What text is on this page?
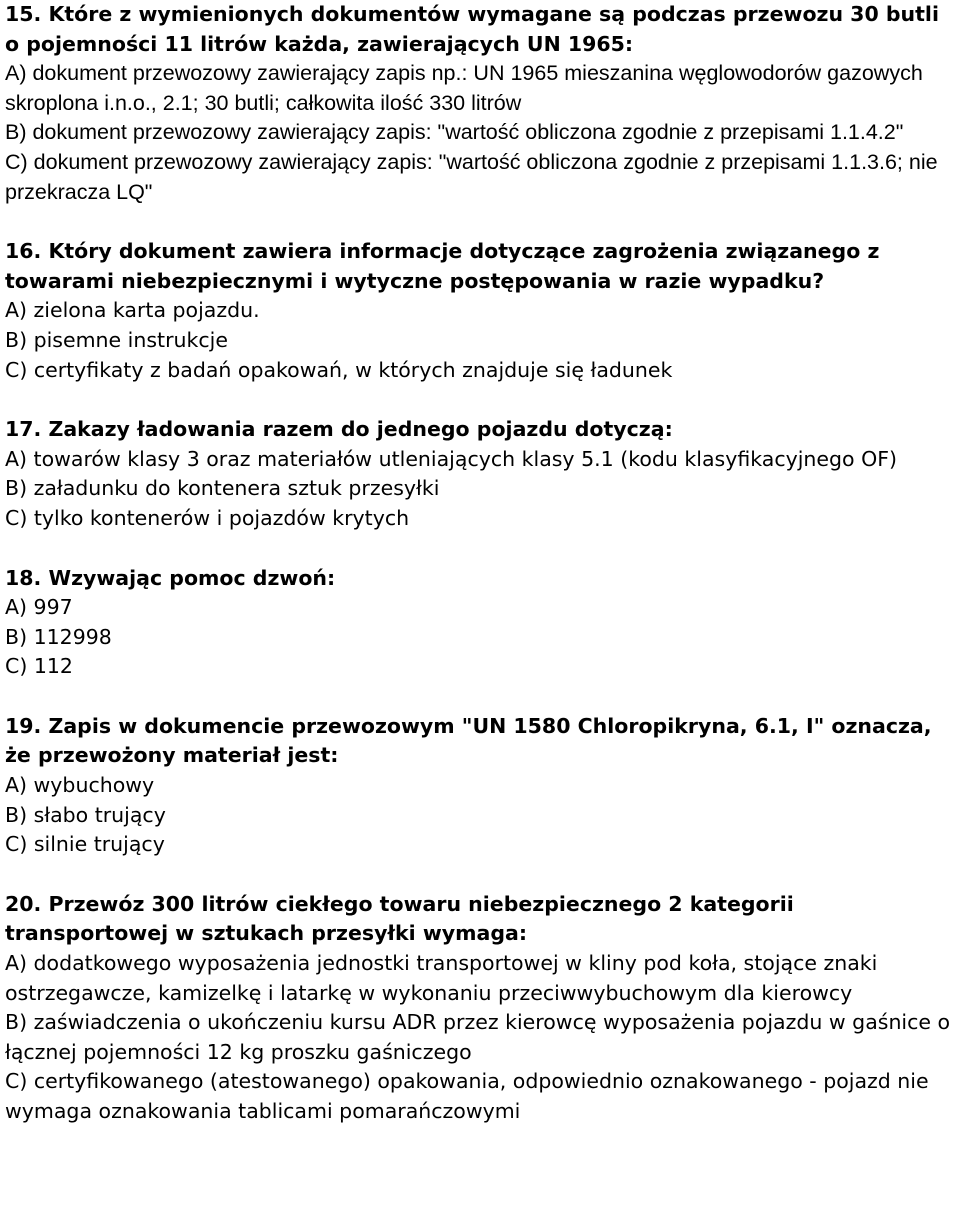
15. Które z wymienionych dokumentów wymagane są podczas przewozu 30 butli o pojemności 11 litrów każda, zawierających UN 1965:
A) dokument przewozowy zawierający zapis np.: UN 1965 mieszanina węglowodorów gazowych skroplona i.n.o., 2.1; 30 butli; całkowita ilość 330 litrów
B) dokument przewozowy zawierający zapis: "wartość obliczona zgodnie z przepisami 1.1.4.2"
C) dokument przewozowy zawierający zapis: "wartość obliczona zgodnie z przepisami 1.1.3.6; nie przekracza LQ"
16. Który dokument zawiera informacje dotyczące zagrożenia związanego z towarami niebezpiecznymi i wytyczne postępowania w razie wypadku?
A) zielona karta pojazdu.
B) pisemne instrukcje
C) certyfikaty z badań opakowań, w których znajduje się ładunek
17. Zakazy ładowania razem do jednego pojazdu dotyczą:
A) towarów klasy 3 oraz materiałów utleniających klasy 5.1 (kodu klasyfikacyjnego OF)
B) załadunku do kontenera sztuk przesyłki
C) tylko kontenerów i pojazdów krytych
18. Wzywając pomoc dzwoń:
A) 997
B) 112998
C) 112
19. Zapis w dokumencie przewozowym "UN 1580 Chloropikryna, 6.1, I" oznacza, że przewożony materiał jest:
A) wybuchowy
B) słabo trujący
C) silnie trujący
20. Przewóz 300 litrów ciekłego towaru niebezpiecznego 2 kategorii transportowej w sztukach przesyłki wymaga:
A) dodatkowego wyposażenia jednostki transportowej w kliny pod koła, stojące znaki ostrzegawcze, kamizelkę i latarkę w wykonaniu przeciwwybuchowym dla kierowcy
B) zaświadczenia o ukończeniu kursu ADR przez kierowcę wyposażenia pojazdu w gaśnice o łącznej pojemności 12 kg proszku gaśniczego
C) certyfikowanego (atestowanego) opakowania, odpowiednio oznakowanego - pojazd nie wymaga oznakowania tablicami pomarańczowymi
